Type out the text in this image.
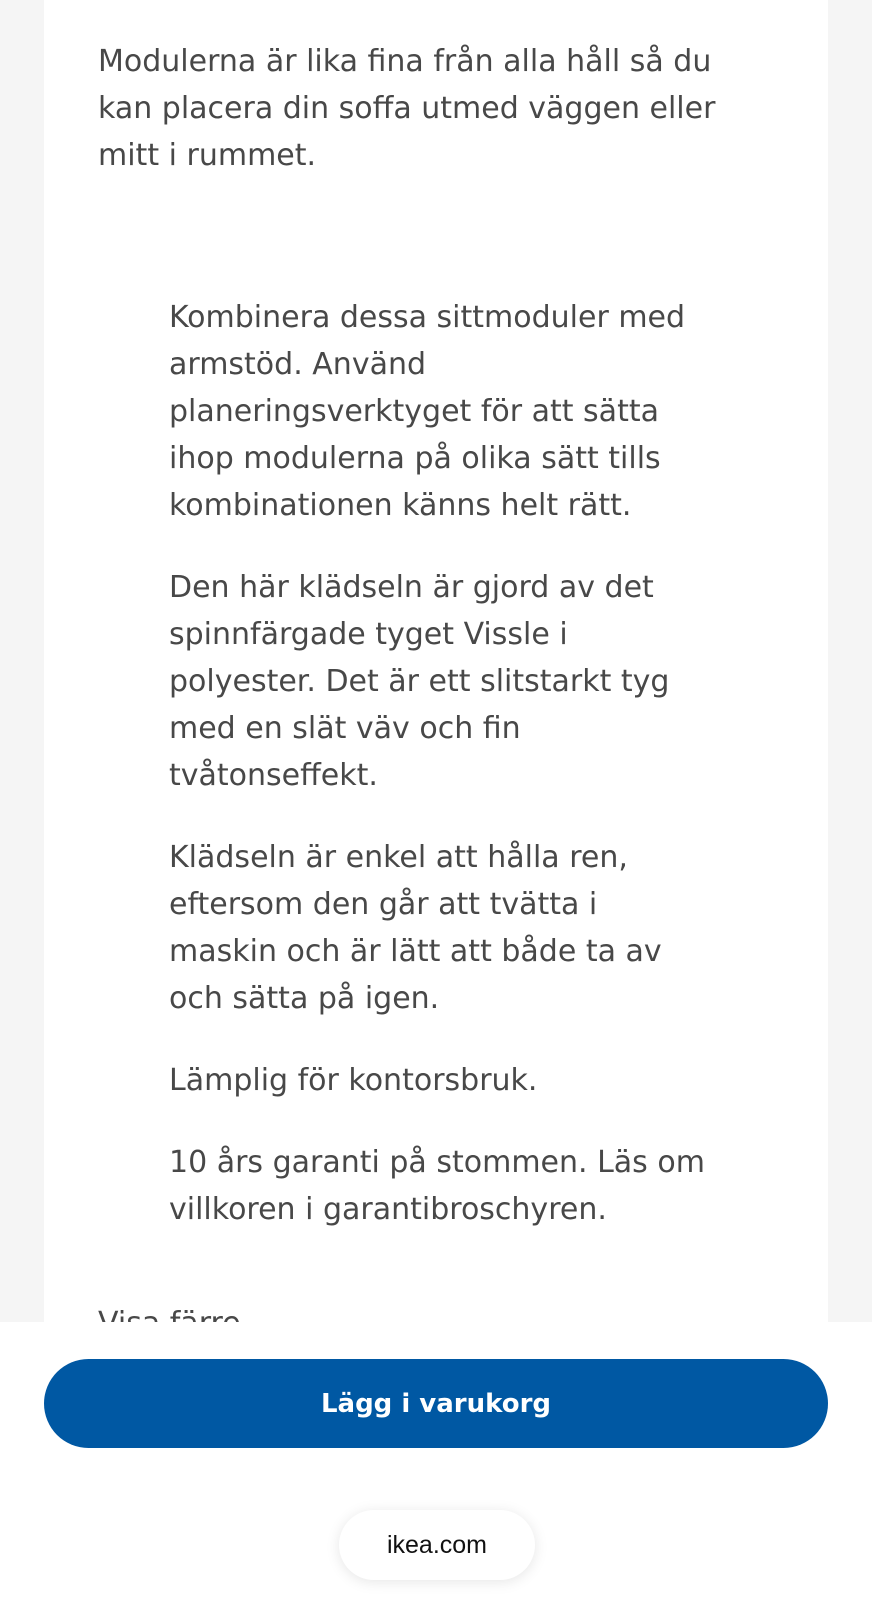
Modulerna är lika fina från alla håll så du kan placera din soffa utmed väggen eller mitt i rummet.

Kombinera dessa sittmoduler med armstöd. Använd planeringsverktyget för att sätta ihop modulerna på olika sätt tills kombinationen känns helt rätt.

Den här klädseln är gjord av det spinnfärgade tyget Vissle i polyester. Det är ett slitstarkt tyg med en slät väv och fin tvåtonseffekt.

Klädseln är enkel att hålla ren, eftersom den går att tvätta i maskin och är lätt att både ta av och sätta på igen.

Lämplig för kontorsbruk.

10 års garanti på stommen. Läs om villkoren i garantibroschyren.

Lägg i varukorg
ikea.com
